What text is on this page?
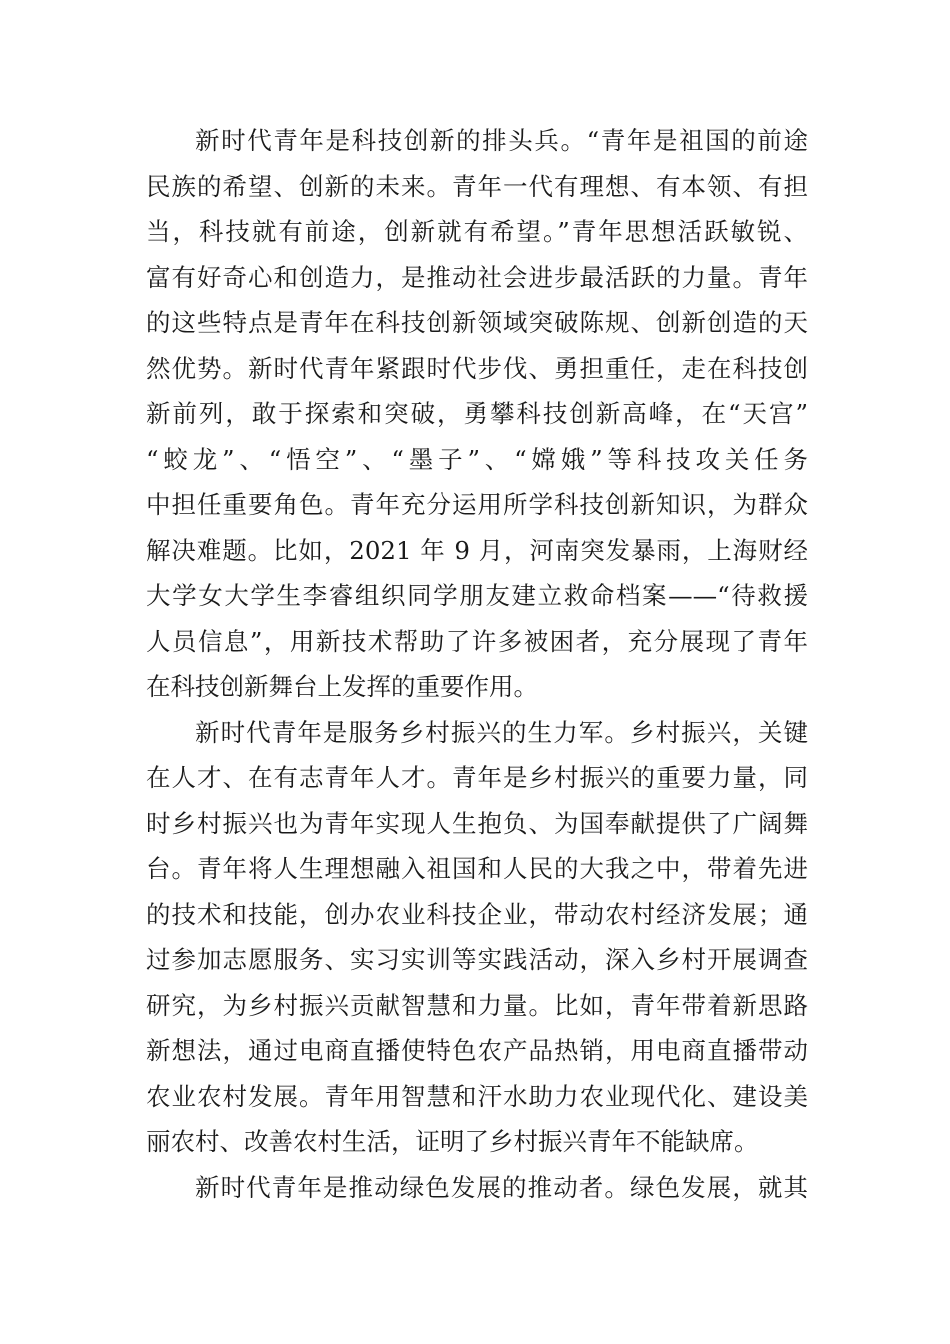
新时代青年是科技创新的排头兵。“青年是祖国的前途
民族的希望、创新的未来。青年一代有理想、有本领、有担
当，科技就有前途，创新就有希望。”青年思想活跃敏锐、
富有好奇心和创造力，是推动社会进步最活跃的力量。青年
的这些特点是青年在科技创新领域突破陈规、创新创造的天
然优势。新时代青年紧跟时代步伐、勇担重任，走在科技创
新前列，敢于探索和突破，勇攀科技创新高峰，在“天宫”
“蛟龙”、“悟空”、“墨子”、“嫦娥”等科技攻关任务
中担任重要角色。青年充分运用所学科技创新知识，为群众
解决难题。比如，2021 年 9 月，河南突发暴雨，上海财经
大学女大学生李睿组织同学朋友建立救命档案——“待救援
人员信息”，用新技术帮助了许多被困者，充分展现了青年
在科技创新舞台上发挥的重要作用。
新时代青年是服务乡村振兴的生力军。乡村振兴，关键
在人才、在有志青年人才。青年是乡村振兴的重要力量，同
时乡村振兴也为青年实现人生抱负、为国奉献提供了广阔舞
台。青年将人生理想融入祖国和人民的大我之中，带着先进
的技术和技能，创办农业科技企业，带动农村经济发展；通
过参加志愿服务、实习实训等实践活动，深入乡村开展调查
研究，为乡村振兴贡献智慧和力量。比如，青年带着新思路
新想法，通过电商直播使特色农产品热销，用电商直播带动
农业农村发展。青年用智慧和汗水助力农业现代化、建设美
丽农村、改善农村生活，证明了乡村振兴青年不能缺席。
新时代青年是推动绿色发展的推动者。绿色发展，就其
